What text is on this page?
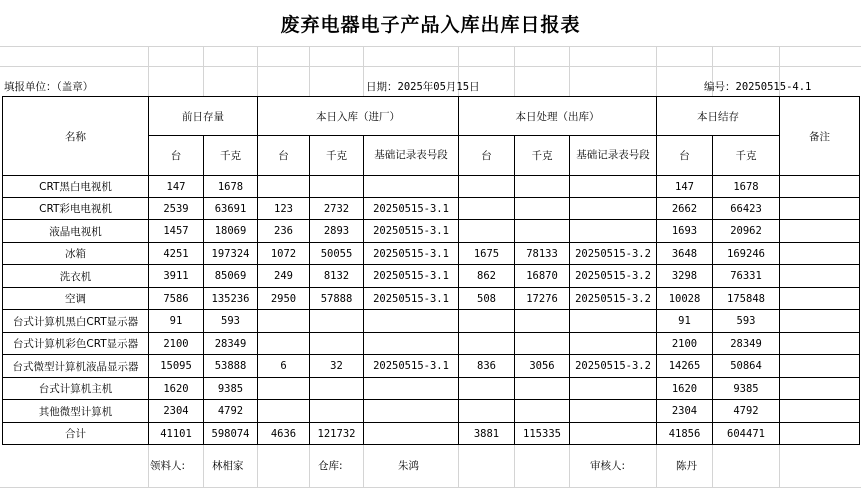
废弃电器电子产品入库出库日报表
填报单位：（盖章）	日期：2025年05月15日	编号：20250515-4.1
名称	前日存量		本日入库（进厂）			本日处理（出库）			本日结存		备注
	台	千克	台	千克	基础记录表号段	台	千克	基础记录表号段	台	千克	
CRT黑白电视机	147	1678							147	1678	
CRT彩电电视机	2539	63691	123	2732	20250515-3.1				2662	66423	
液晶电视机	1457	18069	236	2893	20250515-3.1				1693	20962	
冰箱	4251	197324	1072	50055	20250515-3.1	1675	78133	20250515-3.2	3648	169246	
洗衣机	3911	85069	249	8132	20250515-3.1	862	16870	20250515-3.2	3298	76331	
空调	7586	135236	2950	57888	20250515-3.1	508	17276	20250515-3.2	10028	175848	
台式计算机黑白CRT显示器	91	593							91	593	
台式计算机彩色CRT显示器	2100	28349							2100	28349	
台式微型计算机液晶显示器	15095	53888	6	32	20250515-3.1	836	3056	20250515-3.2	14265	50864	
台式计算机主机	1620	9385							1620	9385	
其他微型计算机	2304	4792							2304	4792	
合计	41101	598074	4636	121732		3881	115335		41856	604471	
领料人:	林相家	仓库:	朱鸿	审核人:	陈丹
